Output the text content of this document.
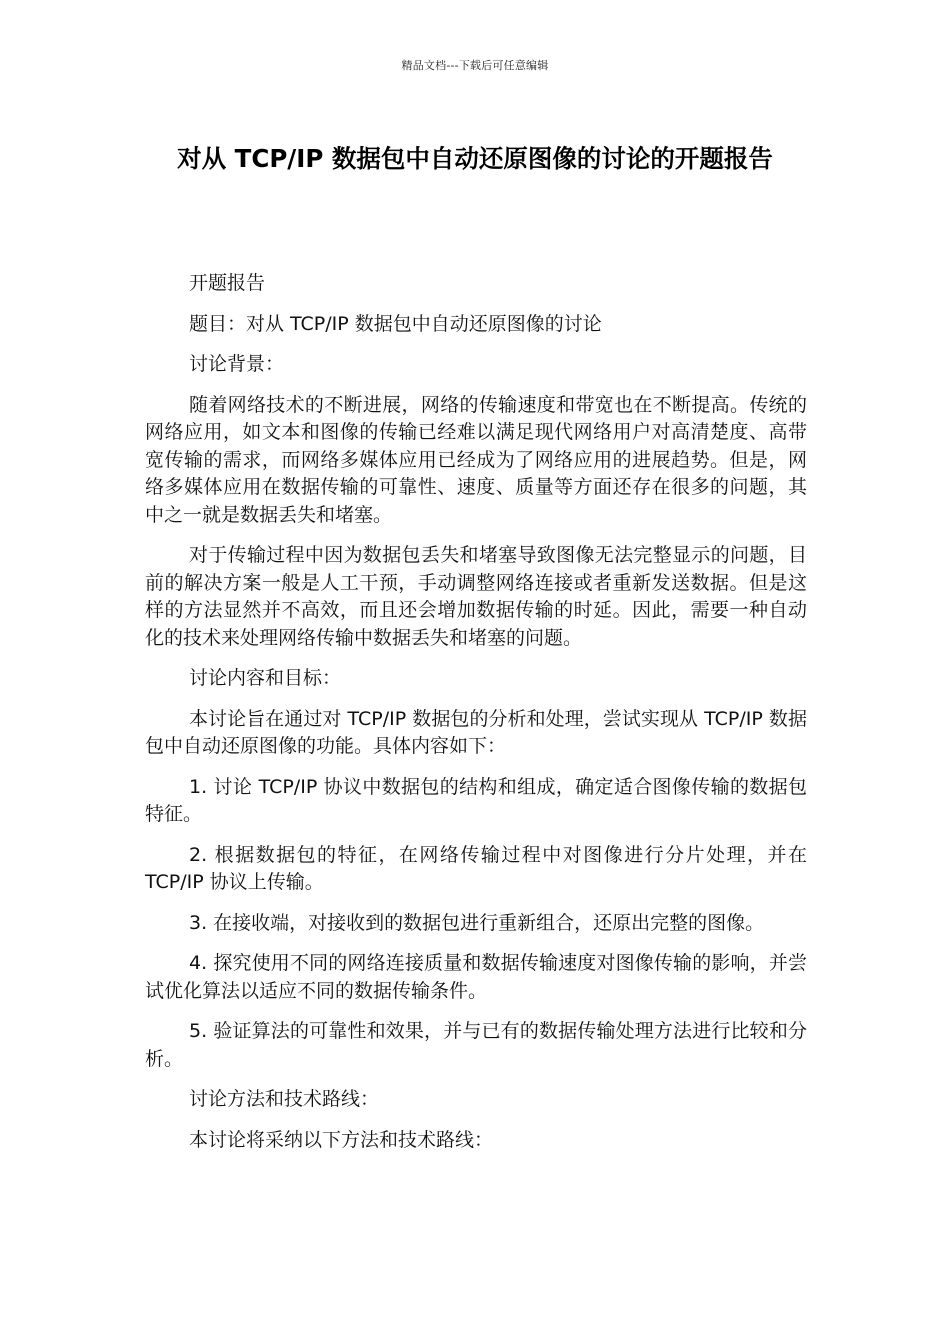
精品文档---下载后可任意编辑
对从 TCP/IP 数据包中自动还原图像的讨论的开题报告

开题报告

题目：对从 TCP/IP 数据包中自动还原图像的讨论

讨论背景：

随着网络技术的不断进展，网络的传输速度和带宽也在不断提高。传统的网络应用，如文本和图像的传输已经难以满足现代网络用户对高清楚度、高带宽传输的需求，而网络多媒体应用已经成为了网络应用的进展趋势。但是，网络多媒体应用在数据传输的可靠性、速度、质量等方面还存在很多的问题，其中之一就是数据丢失和堵塞。

对于传输过程中因为数据包丢失和堵塞导致图像无法完整显示的问题，目前的解决方案一般是人工干预，手动调整网络连接或者重新发送数据。但是这样的方法显然并不高效，而且还会增加数据传输的时延。因此，需要一种自动化的技术来处理网络传输中数据丢失和堵塞的问题。

讨论内容和目标：

本讨论旨在通过对 TCP/IP 数据包的分析和处理，尝试实现从 TCP/IP 数据包中自动还原图像的功能。具体内容如下：

1. 讨论 TCP/IP 协议中数据包的结构和组成，确定适合图像传输的数据包特征。

2. 根据数据包的特征，在网络传输过程中对图像进行分片处理，并在 TCP/IP 协议上传输。

3. 在接收端，对接收到的数据包进行重新组合，还原出完整的图像。

4. 探究使用不同的网络连接质量和数据传输速度对图像传输的影响，并尝试优化算法以适应不同的数据传输条件。

5. 验证算法的可靠性和效果，并与已有的数据传输处理方法进行比较和分析。

讨论方法和技术路线：

本讨论将采纳以下方法和技术路线：
